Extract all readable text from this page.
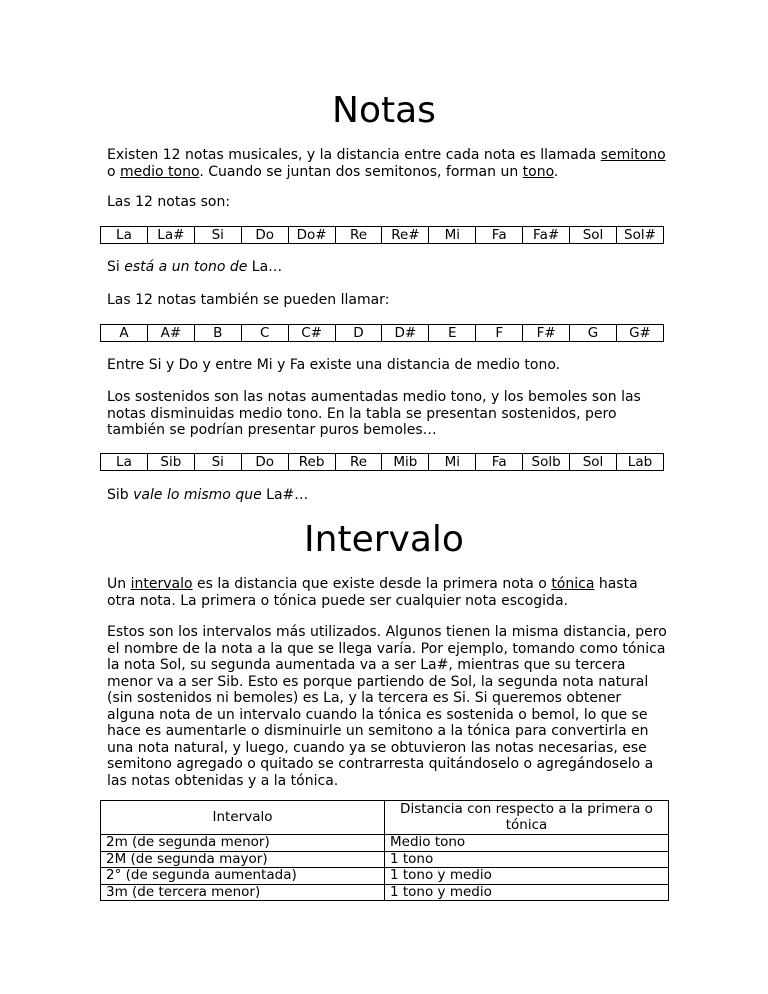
Notas

Existen 12 notas musicales, y la distancia entre cada nota es llamada semitono
o medio tono. Cuando se juntan dos semitonos, forman un tono.

Las 12 notas son:

La	La#	Si	Do	Do#	Re	Re#	Mi	Fa	Fa#	Sol	Sol#

Si está a un tono de La…

Las 12 notas también se pueden llamar:

A	A#	B	C	C#	D	D#	E	F	F#	G	G#

Entre Si y Do y entre Mi y Fa existe una distancia de medio tono.

Los sostenidos son las notas aumentadas medio tono, y los bemoles son las notas disminuidas medio tono. En la tabla se presentan sostenidos, pero también se podrían presentar puros bemoles…

La	Sib	Si	Do	Reb	Re	Mib	Mi	Fa	Solb	Sol	Lab

Sib vale lo mismo que La#…

Intervalo

Un intervalo es la distancia que existe desde la primera nota o tónica hasta otra nota. La primera o tónica puede ser cualquier nota escogida.

Estos son los intervalos más utilizados. Algunos tienen la misma distancia, pero el nombre de la nota a la que se llega varía. Por ejemplo, tomando como tónica la nota Sol, su segunda aumentada va a ser La#, mientras que su tercera menor va a ser Sib. Esto es porque partiendo de Sol, la segunda nota natural (sin sostenidos ni bemoles) es La, y la tercera es Si. Si queremos obtener alguna nota de un intervalo cuando la tónica es sostenida o bemol, lo que se hace es aumentarle o disminuirle un semitono a la tónica para convertirla en una nota natural, y luego, cuando ya se obtuvieron las notas necesarias, ese semitono agregado o quitado se contrarresta quitándoselo o agregándoselo a las notas obtenidas y a la tónica.

Intervalo	Distancia con respecto a la primera o tónica
2m (de segunda menor)	Medio tono
2M (de segunda mayor)	1 tono
2° (de segunda aumentada)	1 tono y medio
3m (de tercera menor)	1 tono y medio
